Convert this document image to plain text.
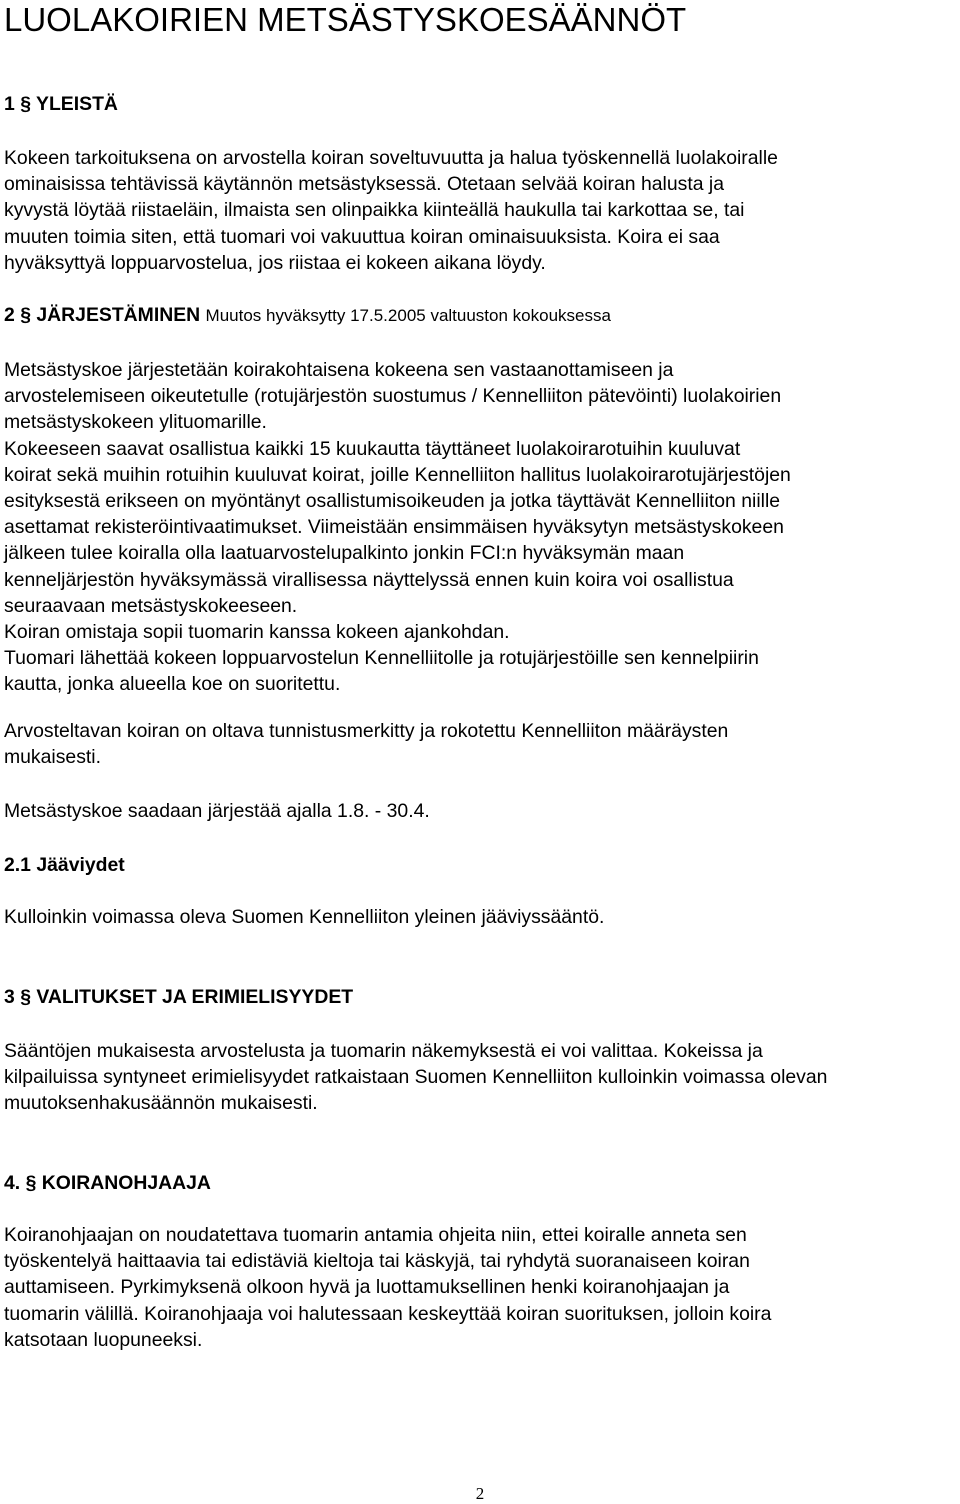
LUOLAKOIRIEN METSÄSTYSKOESÄÄNNÖT
1 § YLEISTÄ
Kokeen tarkoituksena on arvostella koiran soveltuvuutta ja halua työskennellä luolakoiralle
ominaisissa tehtävissä käytännön metsästyksessä. Otetaan selvää koiran halusta ja
kyvystä löytää riistaeläin, ilmaista sen olinpaikka kiinteällä haukulla tai karkottaa se, tai
muuten toimia siten, että tuomari voi vakuuttua koiran ominaisuuksista. Koira ei saa
hyväksyttyä loppuarvostelua, jos riistaa ei kokeen aikana löydy.
2 § JÄRJESTÄMINEN Muutos hyväksytty 17.5.2005 valtuuston kokouksessa
Metsästyskoe järjestetään koirakohtaisena kokeena sen vastaanottamiseen ja
arvostelemiseen oikeutetulle (rotujärjestön suostumus / Kennelliiton pätevöinti) luolakoirien
metsästyskokeen ylituomarille.
Kokeeseen saavat osallistua kaikki 15 kuukautta täyttäneet luolakoirarotuihin kuuluvat
koirat sekä muihin rotuihin kuuluvat koirat, joille Kennelliiton hallitus luolakoirarotujärjestöjen
esityksestä erikseen on myöntänyt osallistumisoikeuden ja jotka täyttävät Kennelliiton niille
asettamat rekisteröintivaatimukset. Viimeistään ensimmäisen hyväksytyn metsästyskokeen
jälkeen tulee koiralla olla laatuarvostelupalkinto jonkin FCI:n hyväksymän maan
kenneljärjestön hyväksymässä virallisessa näyttelyssä ennen kuin koira voi osallistua
seuraavaan metsästyskokeeseen.
Koiran omistaja sopii tuomarin kanssa kokeen ajankohdan.
Tuomari lähettää kokeen loppuarvostelun Kennelliitolle ja rotujärjestöille sen kennelpiirin
kautta, jonka alueella koe on suoritettu.
Arvosteltavan koiran on oltava tunnistusmerkitty ja rokotettu Kennelliiton määräysten
mukaisesti.
Metsästyskoe saadaan järjestää ajalla 1.8. - 30.4.
2.1 Jääviydet
Kulloinkin voimassa oleva Suomen Kennelliiton yleinen jääviyssääntö.
3 § VALITUKSET JA ERIMIELISYYDET
Sääntöjen mukaisesta arvostelusta ja tuomarin näkemyksestä ei voi valittaa. Kokeissa ja
kilpailuissa syntyneet erimielisyydet ratkaistaan Suomen Kennelliiton kulloinkin voimassa olevan
muutoksenhakusäännön mukaisesti.
4. § KOIRANOHJAAJA
Koiranohjaajan on noudatettava tuomarin antamia ohjeita niin, ettei koiralle anneta sen
työskentelyä haittaavia tai edistäviä kieltoja tai käskyjä, tai ryhdytä suoranaiseen koiran
auttamiseen. Pyrkimyksenä olkoon hyvä ja luottamuksellinen henki koiranohjaajan ja
tuomarin välillä. Koiranohjaaja voi halutessaan keskeyttää koiran suorituksen, jolloin koira
katsotaan luopuneeksi.
2
